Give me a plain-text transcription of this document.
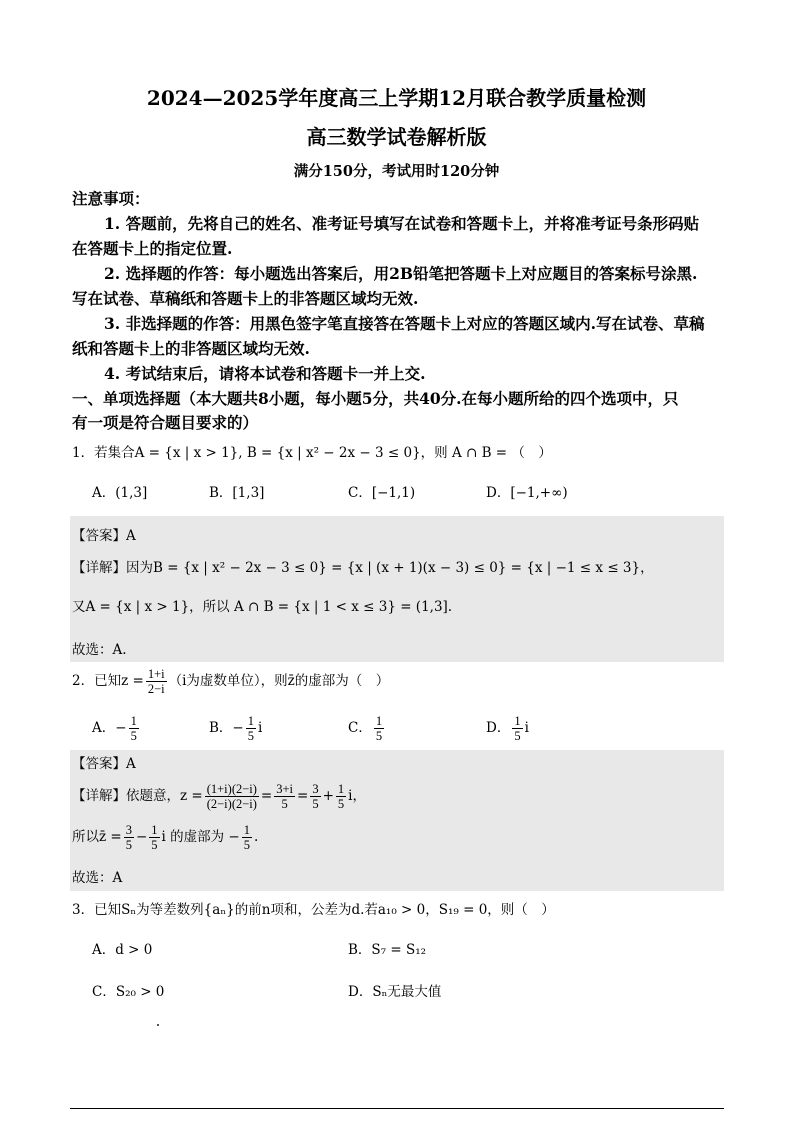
2024—2025学年度高三上学期12月联合教学质量检测
高三数学试卷解析版
满分150分，考试用时120分钟
注意事项：
1. 答题前，先将自己的姓名、准考证号填写在试卷和答题卡上，并将准考证号条形码贴
在答题卡上的指定位置.
2. 选择题的作答：每小题选出答案后，用2B铅笔把答题卡上对应题目的答案标号涂黑.
写在试卷、草稿纸和答题卡上的非答题区域均无效.
3. 非选择题的作答：用黑色签字笔直接答在答题卡上对应的答题区域内.写在试卷、草稿
纸和答题卡上的非答题区域均无效.
4. 考试结束后，请将本试卷和答题卡一并上交.
一、单项选择题（本大题共8小题，每小题5分，共40分.在每小题所给的四个选项中，只
有一项是符合题目要求的）
1．若集合A = {x | x > 1}, B = {x | x² − 2x − 3 ≤ 0}，则 A ∩ B = （　）
A．(1,3]	B．[1,3]	C．[−1,1)	D．[−1,+∞)
【答案】A
【详解】因为B = {x | x² − 2x − 3 ≤ 0} = {x | (x + 1)(x − 3) ≤ 0} = {x | −1 ≤ x ≤ 3}，
又A = {x | x > 1}，所以 A ∩ B = {x | 1 < x ≤ 3} = (1,3].
故选：A.
2．已知$z = \frac{1+i}{2-i} (i$为虚数单位），则z̄的虚部为（　）
A．− $\frac{1}{5}$	B．− $\frac{1}{5}$ i	C． $\frac{1}{5}$	D． $\frac{1}{5}$ i
【答案】A
【详解】依题意，$z = \frac{(1+i)(2-i)}{(2-i)(2-i)} = \frac{3+i}{5} = \frac{3}{5} + \frac{1}{5}$ i，
所以z̄ = $\frac{3}{5} - \frac{1}{5}$ i 的虚部为 − $\frac{1}{5}$ .
故选：A
3．已知Sₙ为等差数列{aₙ}的前n项和，公差为d.若a₁₀ > 0，S₁₉ = 0，则（　）
A．d > 0	B．S₇ = S₁₂
C．S₂₀ > 0	D．Sₙ无最大值
